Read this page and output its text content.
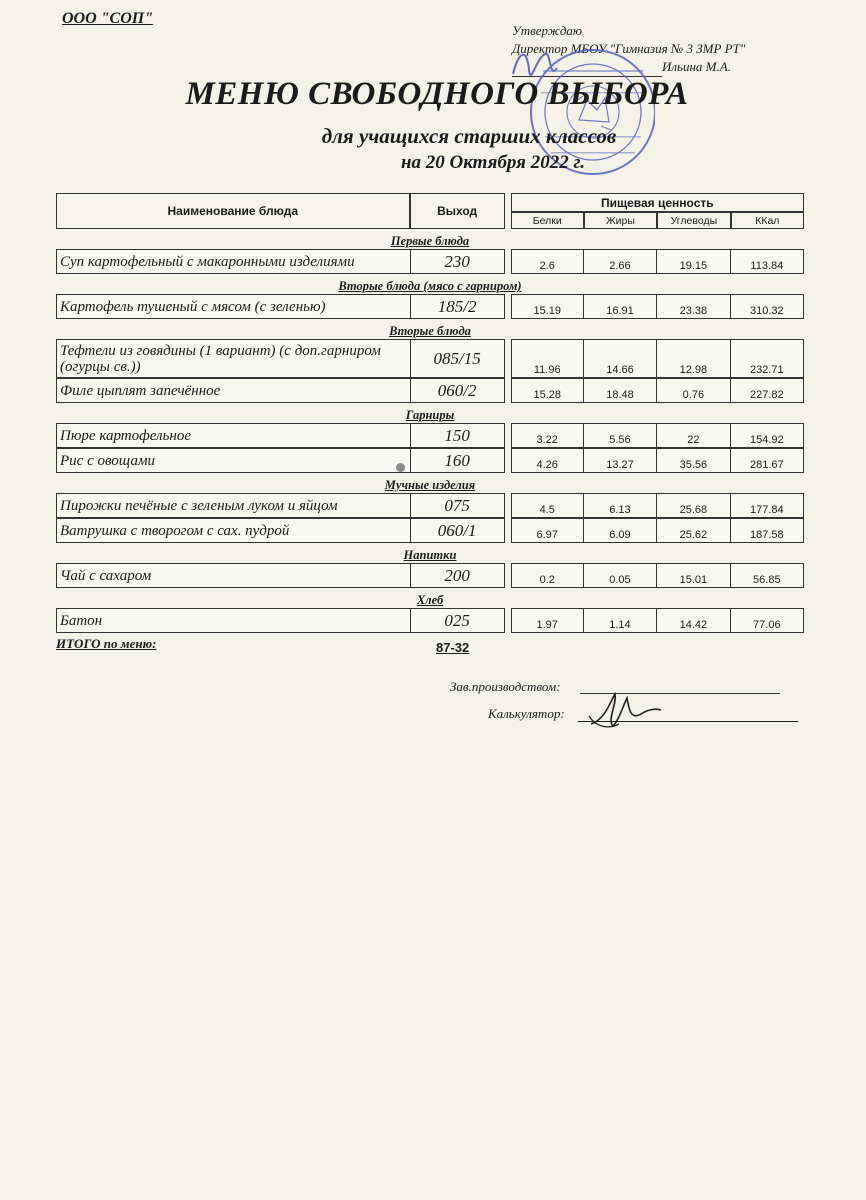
ООО "СОП"
Утверждаю
Директор МБОУ "Гимназия № 3 ЗМР РТ"
Ильина М.А.
МЕНЮ СВОБОДНОГО ВЫБОРА
для учащихся старших классов
на 20 Октября 2022 г.
Наименование блюда	Выход		Пищевая ценность			
			Белки	Жиры	Углеводы	ККал
Первые блюда						
Суп картофельный с макаронными изделиями	230		2.6	2.66	19.15	113.84
Вторые блюда (мясо с гарниром)						
Картофель тушеный с мясом (с зеленью)	185/2		15.19	16.91	23.38	310.32
Вторые блюда						
Тефтели из говядины (1 вариант) (с доп.гарниром (огурцы св.))	085/15		11.96	14.66	12.98	232.71
Филе цыплят запечённое	060/2		15.28	18.48	0.76	227.82
Гарниры						
Пюре картофельное	150		3.22	5.56	22	154.92
Рис с овощами	160		4.26	13.27	35.56	281.67
Мучные изделия						
Пирожки печёные с зеленым луком и яйцом	075		4.5	6.13	25.68	177.84
Ватрушка с творогом с сах. пудрой	060/1		6.97	6.09	25.62	187.58
Напитки						
Чай с сахаром	200		0.2	0.05	15.01	56.85
Хлеб						
Батон	025		1.97	1.14	14.42	77.06
ИТОГО по меню:	87-32
Зав.производством:
Калькулятор:
